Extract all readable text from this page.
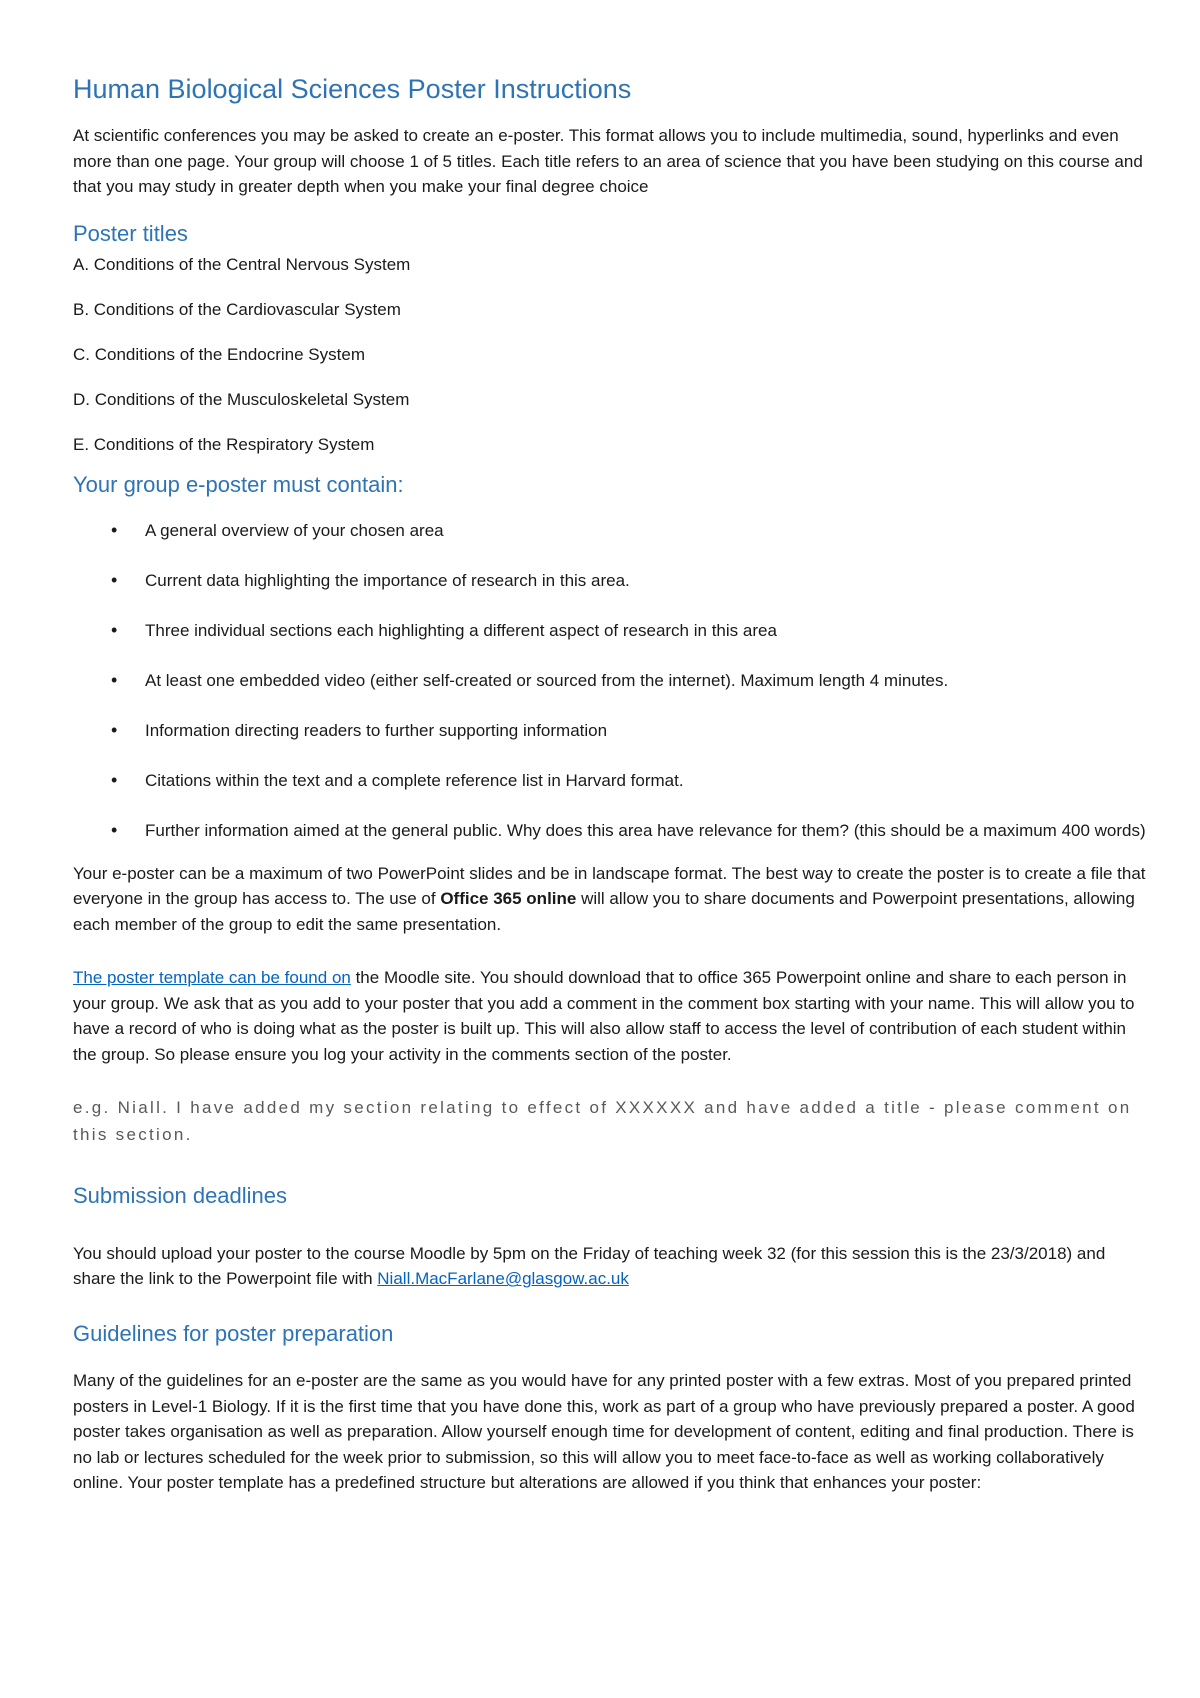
Human Biological Sciences Poster Instructions

At scientific conferences you may be asked to create an e-poster. This format allows you to include multimedia, sound, hyperlinks and even more than one page. Your group will choose 1 of 5 titles. Each title refers to an area of science that you have been studying on this course and that you may study in greater depth when you make your final degree choice

Poster titles
A. Conditions of the Central Nervous System
B. Conditions of the Cardiovascular System
C. Conditions of the Endocrine System
D. Conditions of the Musculoskeletal System
E. Conditions of the Respiratory System
Your group e-poster must contain:
• A general overview of your chosen area
• Current data highlighting the importance of research in this area.
• Three individual sections each highlighting a different aspect of research in this area
• At least one embedded video (either self-created or sourced from the internet). Maximum length 4 minutes.
• Information directing readers to further supporting information
• Citations within the text and a complete reference list in Harvard format.
• Further information aimed at the general public. Why does this area have relevance for them? (this should be a maximum 400 words)

Your e-poster can be a maximum of two PowerPoint slides and be in landscape format. The best way to create the poster is to create a file that everyone in the group has access to. The use of Office 365 online will allow you to share documents and Powerpoint presentations, allowing each member of the group to edit the same presentation.

The poster template can be found on the Moodle site. You should download that to office 365 Powerpoint online and share to each person in your group. We ask that as you add to your poster that you add a comment in the comment box starting with your name. This will allow you to have a record of who is doing what as the poster is built up. This will also allow staff to access the level of contribution of each student within the group. So please ensure you log your activity in the comments section of the poster.

e.g. Niall. I have added my section relating to effect of XXXXXX and have added a title - please comment on this section.

Submission deadlines

You should upload your poster to the course Moodle by 5pm on the Friday of teaching week 32 (for this session this is the 23/3/2018) and share the link to the Powerpoint file with Niall.MacFarlane@glasgow.ac.uk

Guidelines for poster preparation

Many of the guidelines for an e-poster are the same as you would have for any printed poster with a few extras. Most of you prepared printed posters in Level-1 Biology. If it is the first time that you have done this, work as part of a group who have previously prepared a poster. A good poster takes organisation as well as preparation. Allow yourself enough time for development of content, editing and final production. There is no lab or lectures scheduled for the week prior to submission, so this will allow you to meet face-to-face as well as working collaboratively online. Your poster template has a predefined structure but alterations are allowed if you think that enhances your poster:
